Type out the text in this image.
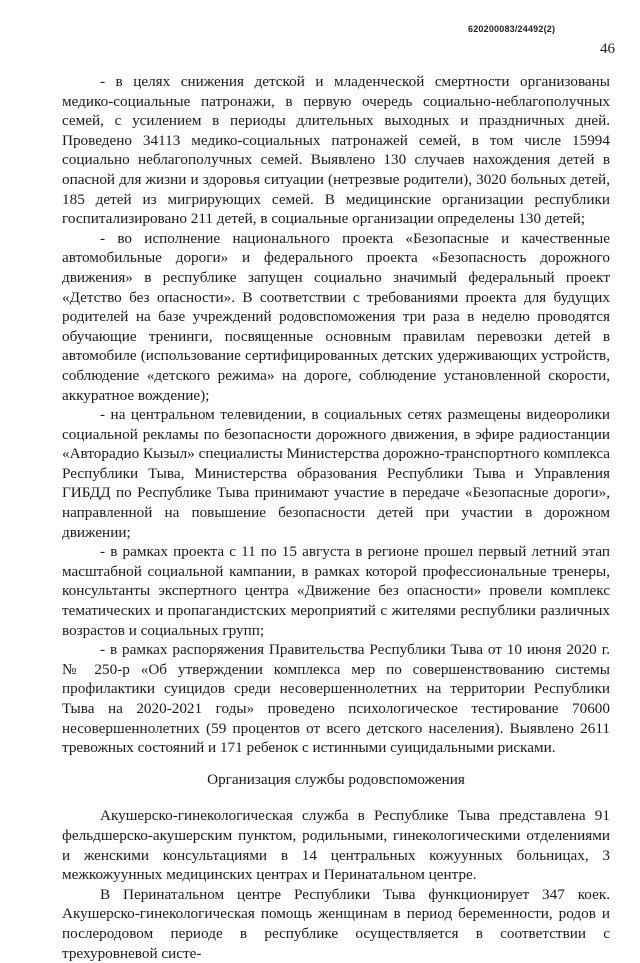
620200083/24492(2)
46

- в целях снижения детской и младенческой смертности организованы медико-социальные патронажи, в первую очередь социально-неблагополучных семей, с усилением в периоды длительных выходных и праздничных дней. Проведено 34113 медико-социальных патронажей семей, в том числе 15994 социально неблагополучных семей. Выявлено 130 случаев нахождения детей в опасной для жизни и здоровья ситуации (нетрезвые родители), 3020 больных детей, 185 детей из мигрирующих семей. В медицинские организации республики госпитализировано 211 детей, в социальные организации определены 130 детей;

- во исполнение национального проекта «Безопасные и качественные автомобильные дороги» и федерального проекта «Безопасность дорожного движения» в республике запущен социально значимый федеральный проект «Детство без опасности». В соответствии с требованиями проекта для будущих родителей на базе учреждений родовспоможения три раза в неделю проводятся обучающие тренинги, посвященные основным правилам перевозки детей в автомобиле (использование сертифицированных детских удерживающих устройств, соблюдение «детского режима» на дороге, соблюдение установленной скорости, аккуратное вождение);

- на центральном телевидении, в социальных сетях размещены видеоролики социальной рекламы по безопасности дорожного движения, в эфире радиостанции «Авторадио Кызыл» специалисты Министерства дорожно-транспортного комплекса Республики Тыва, Министерства образования Республики Тыва и Управления ГИБДД по Республике Тыва принимают участие в передаче «Безопасные дороги», направленной на повышение безопасности детей при участии в дорожном движении;

- в рамках проекта с 11 по 15 августа в регионе прошел первый летний этап масштабной социальной кампании, в рамках которой профессиональные тренеры, консультанты экспертного центра «Движение без опасности» провели комплекс тематических и пропагандистских мероприятий с жителями республики различных возрастов и социальных групп;

- в рамках распоряжения Правительства Республики Тыва от 10 июня 2020 г. № 250-р «Об утверждении комплекса мер по совершенствованию системы профилактики суицидов среди несовершеннолетних на территории Республики Тыва на 2020-2021 годы» проведено психологическое тестирование 70600 несовершеннолетних (59 процентов от всего детского населения). Выявлено 2611 тревожных состояний и 171 ребенок с истинными суицидальными рисками.

Организация службы родовспоможения

Акушерско-гинекологическая служба в Республике Тыва представлена 91 фельдшерско-акушерским пунктом, родильными, гинекологическими отделениями и женскими консультациями в 14 центральных кожуунных больницах, 3 межкожуунных медицинских центрах и Перинатальном центре.

В Перинатальном центре Республики Тыва функционирует 347 коек. Акушерско-гинекологическая помощь женщинам в период беременности, родов и послеродовом периоде в республике осуществляется в соответствии с трехуровневой систе-
